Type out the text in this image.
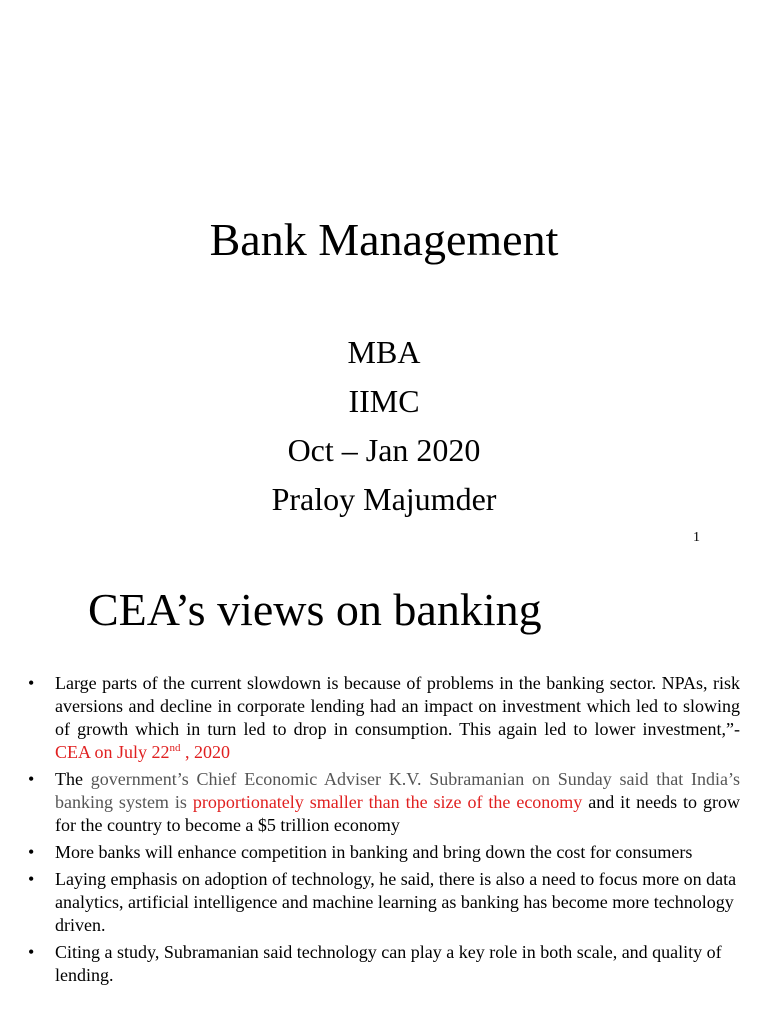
Bank Management
MBA
IIMC
Oct – Jan 2020
Praloy Majumder
1
CEA’s views on banking
• Large parts of the current slowdown is because of problems in the banking sector. NPAs, risk aversions and decline in corporate lending had an impact on investment which led to slowing of growth which in turn led to drop in consumption. This again led to lower investment,”- CEA on July 22nd , 2020
• The government’s Chief Economic Adviser K.V. Subramanian on Sunday said that India’s banking system is proportionately smaller than the size of the economy and it needs to grow for the country to become a $5 trillion economy
• More banks will enhance competition in banking and bring down the cost for consumers
• Laying emphasis on adoption of technology, he said, there is also a need to focus more on data analytics, artificial intelligence and machine learning as banking has become more technology driven.
• Citing a study, Subramanian said technology can play a key role in both scale, and quality of lending.
